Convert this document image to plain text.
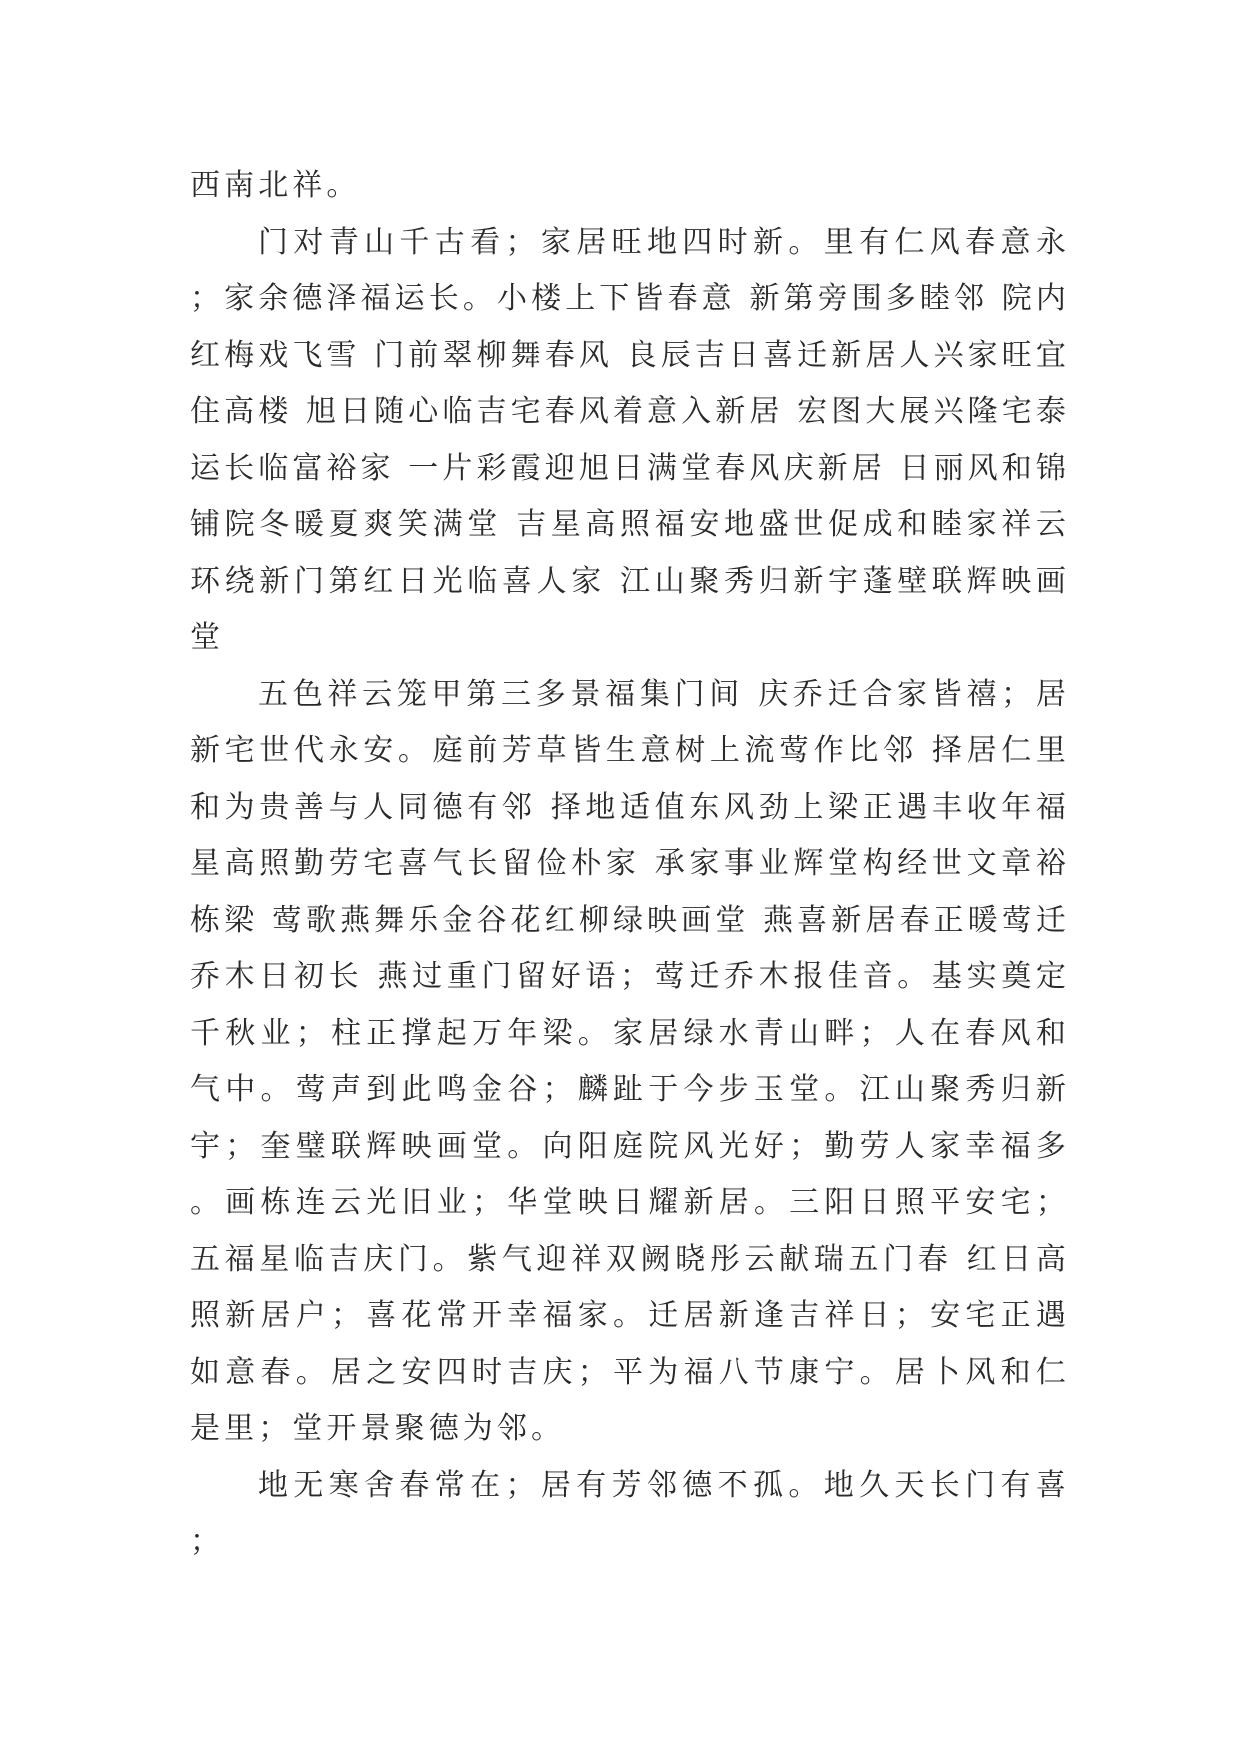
西南北祥。

门对青山千古看；家居旺地四时新。里有仁风春意永；家余德泽福运长。小楼上下皆春意 新第旁围多睦邻 院内红梅戏飞雪 门前翠柳舞春风 良辰吉日喜迁新居人兴家旺宜住高楼 旭日随心临吉宅春风着意入新居 宏图大展兴隆宅泰运长临富裕家 一片彩霞迎旭日满堂春风庆新居 日丽风和锦铺院冬暖夏爽笑满堂 吉星高照福安地盛世促成和睦家祥云环绕新门第红日光临喜人家 江山聚秀归新宇蓬壁联辉映画堂

五色祥云笼甲第三多景福集门间 庆乔迁合家皆禧；居新宅世代永安。庭前芳草皆生意树上流莺作比邻 择居仁里和为贵善与人同德有邻 择地适值东风劲上梁正遇丰收年福星高照勤劳宅喜气长留俭朴家 承家事业辉堂构经世文章裕栋梁 莺歌燕舞乐金谷花红柳绿映画堂 燕喜新居春正暖莺迁乔木日初长 燕过重门留好语；莺迁乔木报佳音。基实奠定千秋业；柱正撑起万年梁。家居绿水青山畔；人在春风和气中。莺声到此鸣金谷；麟趾于今步玉堂。江山聚秀归新宇；奎璧联辉映画堂。向阳庭院风光好；勤劳人家幸福多。画栋连云光旧业；华堂映日耀新居。三阳日照平安宅；五福星临吉庆门。紫气迎祥双阙晓彤云献瑞五门春 红日高照新居户；喜花常开幸福家。迁居新逢吉祥日；安宅正遇如意春。居之安四时吉庆；平为福八节康宁。居卜风和仁是里；堂开景聚德为邻。

地无寒舍春常在；居有芳邻德不孤。地久天长门有喜；
